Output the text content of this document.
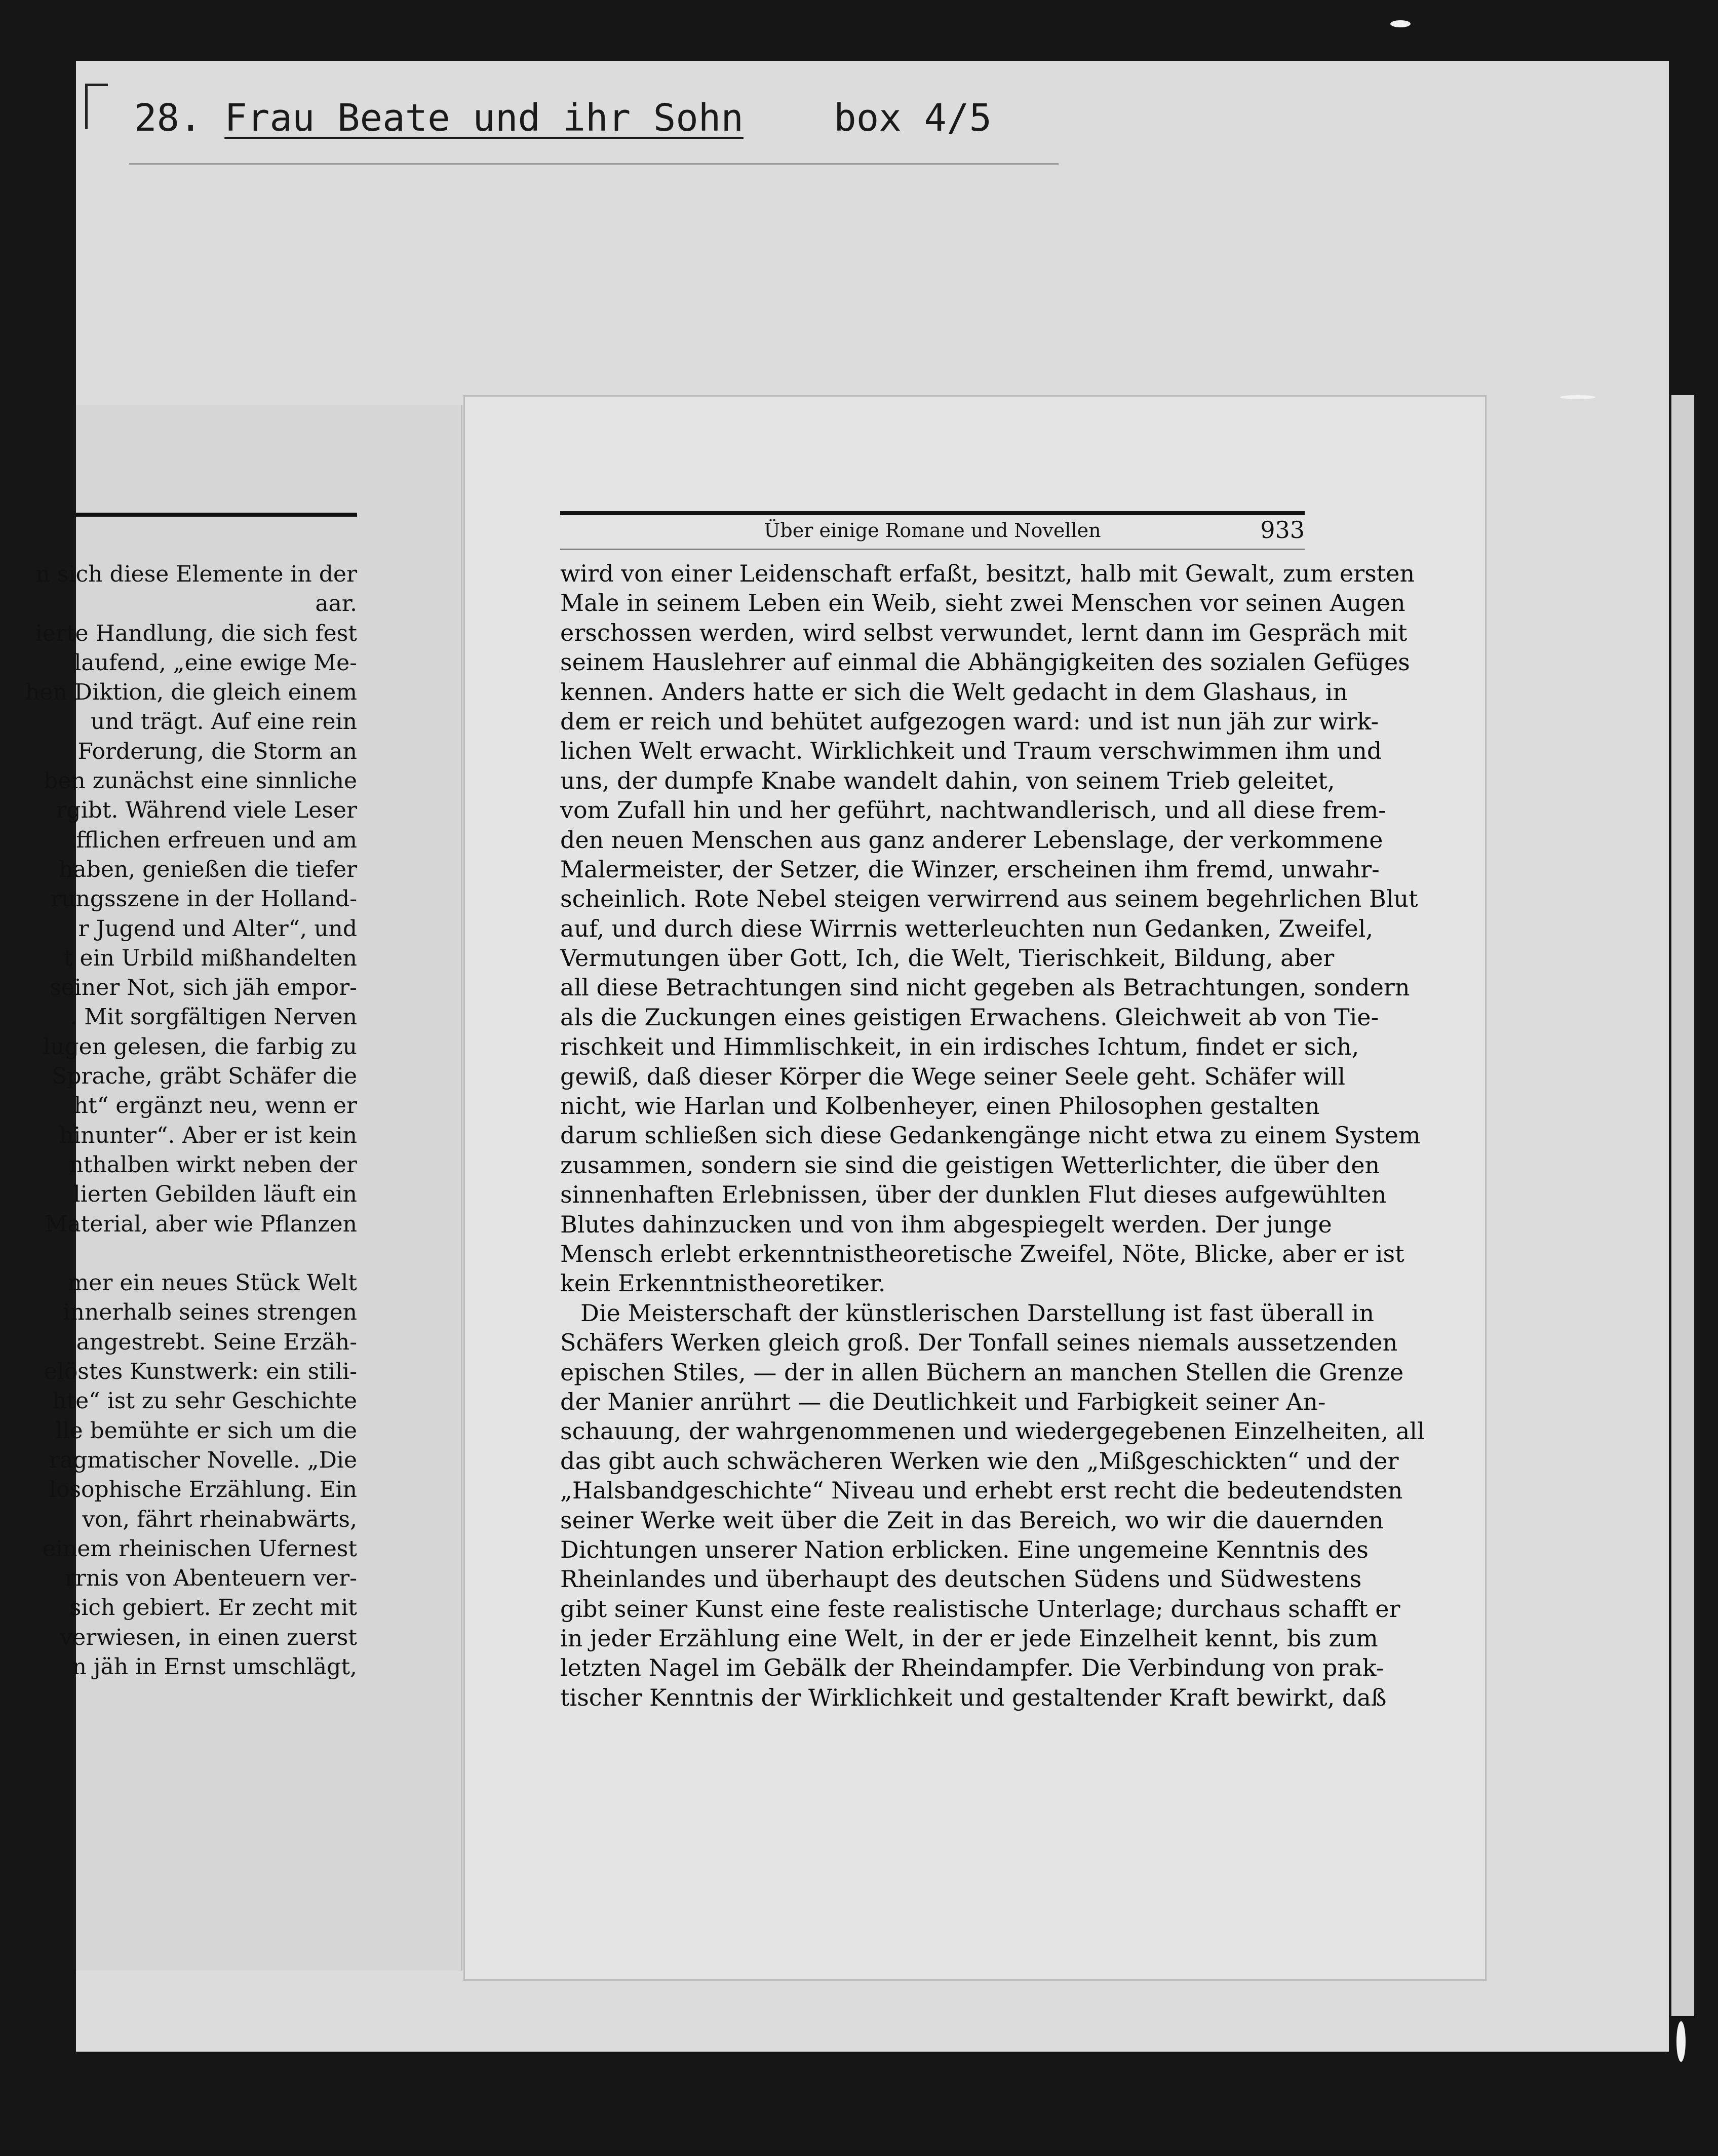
28. Frau Beate und ihr Sohn box 4/5
n sich diese Elemente in der
aar.
ierte Handlung, die sich fest
laufend, „eine ewige Me-
hen Diktion, die gleich einem
und trägt. Auf eine rein
Forderung, die Storm an
ben zunächst eine sinnliche
rgibt. Während viele Leser
fflichen erfreuen und am
haben, genießen die tiefer
rungsszene in der Holland-
r Jugend und Alter“, und
t ein Urbild mißhandelten
seiner Not, sich jäh empor-
. Mit sorgfältigen Nerven
lugen gelesen, die farbig zu
Sprache, gräbt Schäfer die
ht“ ergänzt neu, wenn er
hinunter“. Aber er ist kein
nthalben wirkt neben der
lierten Gebilden läuft ein
Material, aber wie Pflanzen
mer ein neues Stück Welt
innerhalb seines strengen
angestrebt. Seine Erzäh-
elöstes Kunstwerk: ein stili-
hte“ ist zu sehr Geschichte
lle bemühte er sich um die
ragmatischer Novelle. „Die
losophische Erzählung. Ein
von, fährt rheinabwärts,
einem rheinischen Ufernest
rrnis von Abenteuern ver-
sich gebiert. Er zecht mit
verwiesen, in einen zuerst
n jäh in Ernst umschlägt,
Über einige Romane und Novellen	933
wird von einer Leidenschaft erfaßt, besitzt, halb mit Gewalt, zum ersten
Male in seinem Leben ein Weib, sieht zwei Menschen vor seinen Augen
erschossen werden, wird selbst verwundet, lernt dann im Gespräch mit
seinem Hauslehrer auf einmal die Abhängigkeiten des sozialen Gefüges
kennen. Anders hatte er sich die Welt gedacht in dem Glashaus, in
dem er reich und behütet aufgezogen ward: und ist nun jäh zur wirk-
lichen Welt erwacht. Wirklichkeit und Traum verschwimmen ihm und
uns, der dumpfe Knabe wandelt dahin, von seinem Trieb geleitet,
vom Zufall hin und her geführt, nachtwandlerisch, und all diese frem-
den neuen Menschen aus ganz anderer Lebenslage, der verkommene
Malermeister, der Setzer, die Winzer, erscheinen ihm fremd, unwahr-
scheinlich. Rote Nebel steigen verwirrend aus seinem begehrlichen Blut
auf, und durch diese Wirrnis wetterleuchten nun Gedanken, Zweifel,
Vermutungen über Gott, Ich, die Welt, Tierischkeit, Bildung, aber
all diese Betrachtungen sind nicht gegeben als Betrachtungen, sondern
als die Zuckungen eines geistigen Erwachens. Gleichweit ab von Tie-
rischkeit und Himmlischkeit, in ein irdisches Ichtum, findet er sich,
gewiß, daß dieser Körper die Wege seiner Seele geht. Schäfer will
nicht, wie Harlan und Kolbenheyer, einen Philosophen gestalten
darum schließen sich diese Gedankengänge nicht etwa zu einem System
zusammen, sondern sie sind die geistigen Wetterlichter, die über den
sinnenhaften Erlebnissen, über der dunklen Flut dieses aufgewühlten
Blutes dahinzucken und von ihm abgespiegelt werden. Der junge
Mensch erlebt erkenntnistheoretische Zweifel, Nöte, Blicke, aber er ist
kein Erkenntnistheoretiker.
Die Meisterschaft der künstlerischen Darstellung ist fast überall in
Schäfers Werken gleich groß. Der Tonfall seines niemals aussetzenden
epischen Stiles, — der in allen Büchern an manchen Stellen die Grenze
der Manier anrührt — die Deutlichkeit und Farbigkeit seiner An-
schauung, der wahrgenommenen und wiedergegebenen Einzelheiten, all
das gibt auch schwächeren Werken wie den „Mißgeschickten“ und der
„Halsbandgeschichte“ Niveau und erhebt erst recht die bedeutendsten
seiner Werke weit über die Zeit in das Bereich, wo wir die dauernden
Dichtungen unserer Nation erblicken. Eine ungemeine Kenntnis des
Rheinlandes und überhaupt des deutschen Südens und Südwestens
gibt seiner Kunst eine feste realistische Unterlage; durchaus schafft er
in jeder Erzählung eine Welt, in der er jede Einzelheit kennt, bis zum
letzten Nagel im Gebälk der Rheindampfer. Die Verbindung von prak-
tischer Kenntnis der Wirklichkeit und gestaltender Kraft bewirkt, daß
